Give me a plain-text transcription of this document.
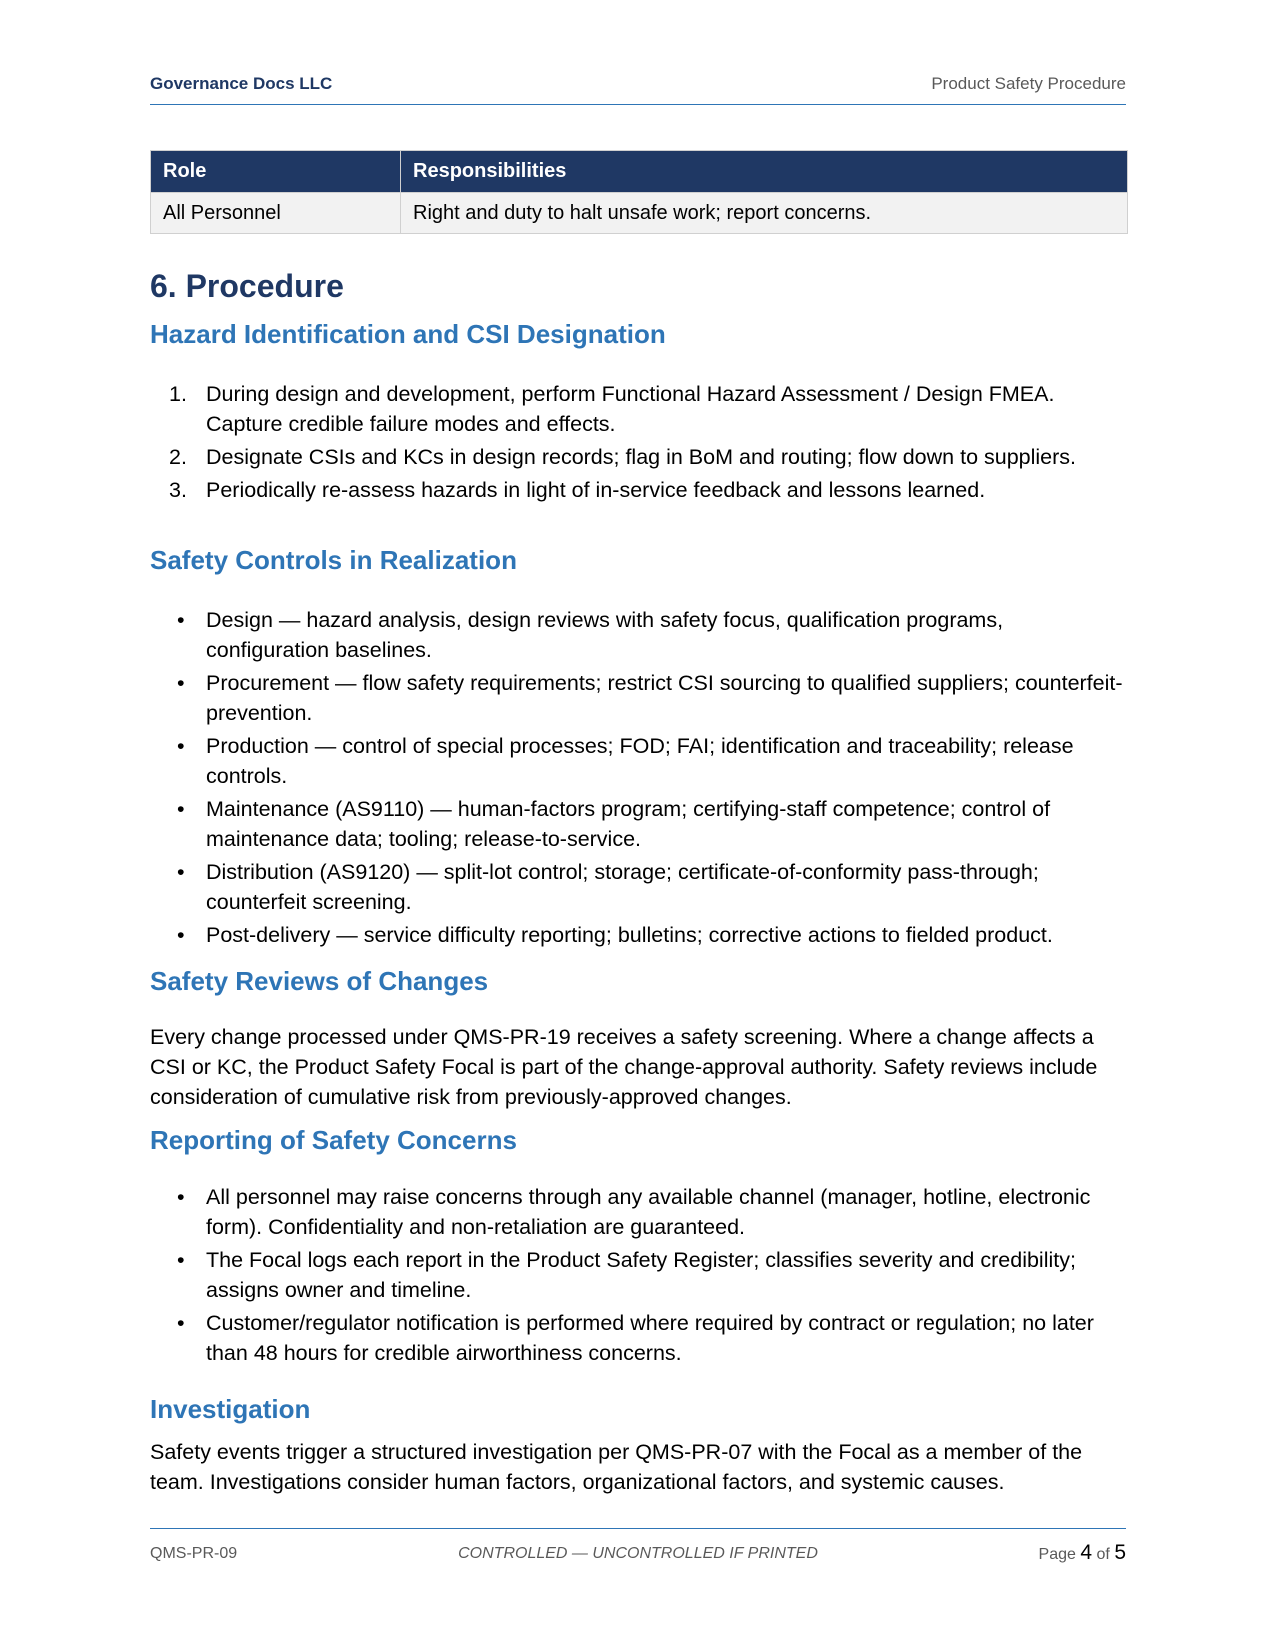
Governance Docs LLC	Product Safety Procedure
Role	Responsibilities
All Personnel	Right and duty to halt unsafe work; report concerns.
6. Procedure
Hazard Identification and CSI Designation
1. During design and development, perform Functional Hazard Assessment / Design FMEA. Capture credible failure modes and effects.
2. Designate CSIs and KCs in design records; flag in BoM and routing; flow down to suppliers.
3. Periodically re-assess hazards in light of in-service feedback and lessons learned.
Safety Controls in Realization
• Design — hazard analysis, design reviews with safety focus, qualification programs, configuration baselines.
• Procurement — flow safety requirements; restrict CSI sourcing to qualified suppliers; counterfeit-prevention.
• Production — control of special processes; FOD; FAI; identification and traceability; release controls.
• Maintenance (AS9110) — human-factors program; certifying-staff competence; control of maintenance data; tooling; release-to-service.
• Distribution (AS9120) — split-lot control; storage; certificate-of-conformity pass-through; counterfeit screening.
• Post-delivery — service difficulty reporting; bulletins; corrective actions to fielded product.
Safety Reviews of Changes

Every change processed under QMS-PR-19 receives a safety screening. Where a change affects a CSI or KC, the Product Safety Focal is part of the change-approval authority. Safety reviews include consideration of cumulative risk from previously-approved changes.

Reporting of Safety Concerns
• All personnel may raise concerns through any available channel (manager, hotline, electronic form). Confidentiality and non-retaliation are guaranteed.
• The Focal logs each report in the Product Safety Register; classifies severity and credibility; assigns owner and timeline.
• Customer/regulator notification is performed where required by contract or regulation; no later than 48 hours for credible airworthiness concerns.
Investigation

Safety events trigger a structured investigation per QMS-PR-07 with the Focal as a member of the team. Investigations consider human factors, organizational factors, and systemic causes.

QMS-PR-09	CONTROLLED — UNCONTROLLED IF PRINTED	Page 4 of 5
